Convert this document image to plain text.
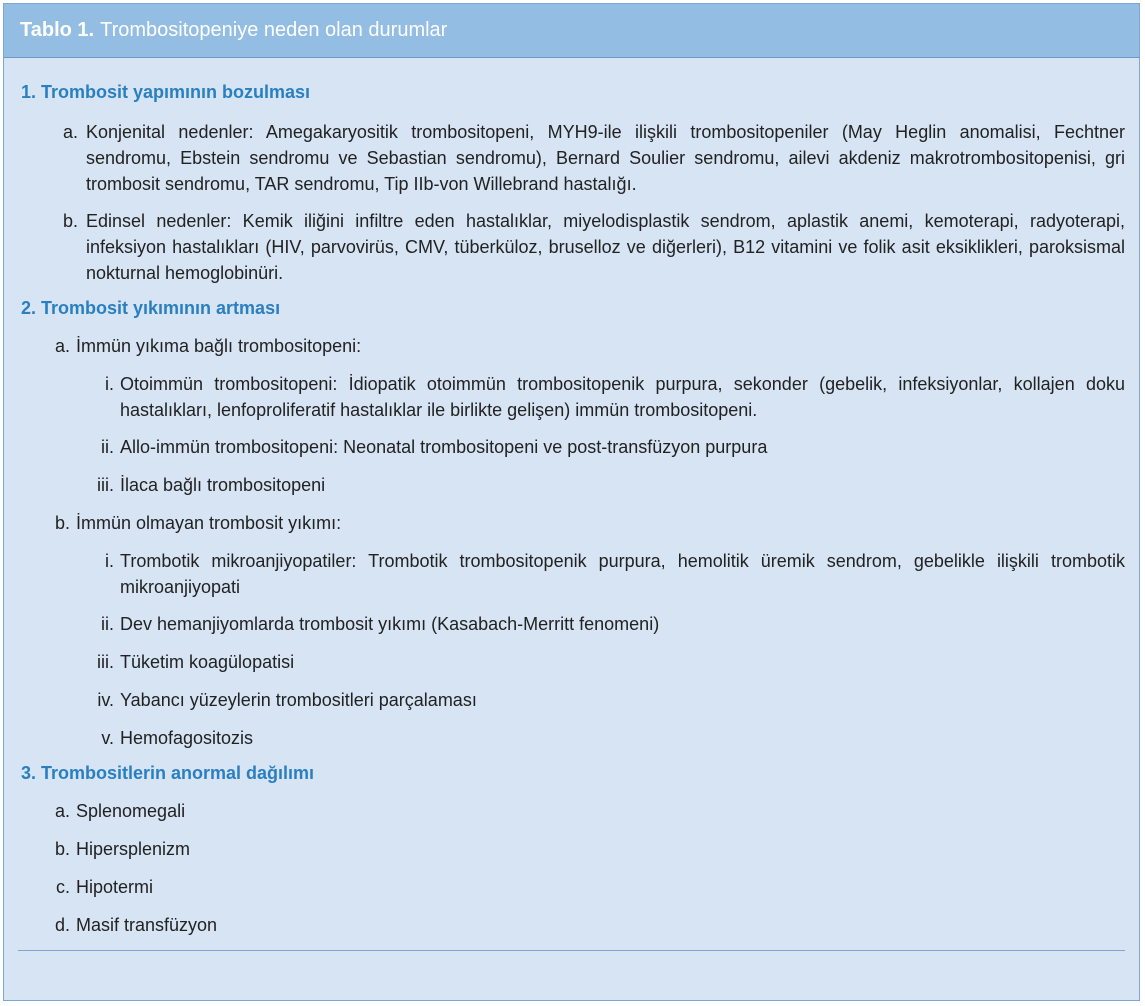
Tablo 1. Trombositopeniye neden olan durumlar
1. Trombosit yapımının bozulması
a. Konjenital nedenler: Amegakaryositik trombositopeni, MYH9-ile ilişkili trombositopeniler (May Heglin anomalisi, Fechtner sendromu, Ebstein sendromu ve Sebastian sendromu), Bernard Soulier sendromu, ailevi akdeniz makrotrombositopenisi, gri trombosit sendromu, TAR sendromu, Tip IIb-von Willebrand hastalığı.
b. Edinsel nedenler: Kemik iliğini infiltre eden hastalıklar, miyelodisplastik sendrom, aplastik anemi, kemoterapi, radyoterapi, infeksiyon hastalıkları (HIV, parvovirüs, CMV, tüberküloz, bruselloz ve diğerleri), B12 vitamini ve folik asit eksiklikleri, paroksismal nokturnal hemoglobinüri.
2. Trombosit yıkımının artması
a. İmmün yıkıma bağlı trombositopeni:
i. Otoimmün trombositopeni: İdiopatik otoimmün trombositopenik purpura, sekonder (gebelik, infeksiyonlar, kollajen doku hastalıkları, lenfoproliferatif hastalıklar ile birlikte gelişen) immün trombositopeni.
ii. Allo-immün trombositopeni: Neonatal trombositopeni ve post-transfüzyon purpura
iii. İlaca bağlı trombositopeni
b. İmmün olmayan trombosit yıkımı:
i. Trombotik mikroanjiyopatiler: Trombotik trombositopenik purpura, hemolitik üremik sendrom, gebelikle ilişkili trombotik mikroanjiyopati
ii. Dev hemanjiyomlarda trombosit yıkımı (Kasabach-Merritt fenomeni)
iii. Tüketim koagülopatisi
iv. Yabancı yüzeylerin trombositleri parçalaması
v. Hemofagositozis
3. Trombositlerin anormal dağılımı
a. Splenomegali
b. Hipersplenizm
c. Hipotermi
d. Masif transfüzyon
